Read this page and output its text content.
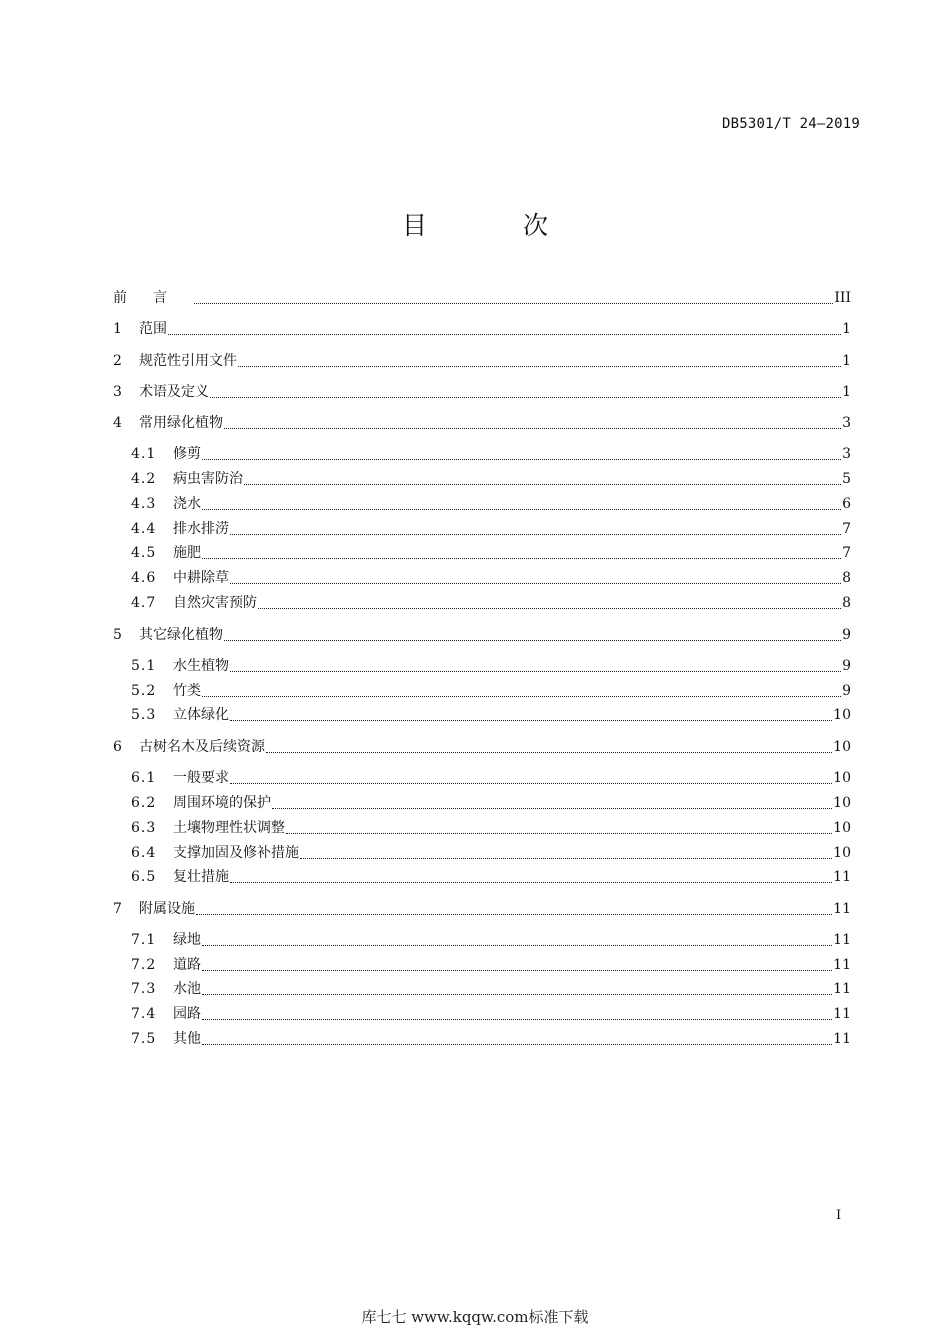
DB5301/T 24—2019
目 次
前言	III
1	范围	1
2	规范性引用文件	1
3	术语及定义	1
4	常用绿化植物	3
4.1	修剪	3
4.2	病虫害防治	5
4.3	浇水	6
4.4	排水排涝	7
4.5	施肥	7
4.6	中耕除草	8
4.7	自然灾害预防	8
5	其它绿化植物	9
5.1	水生植物	9
5.2	竹类	9
5.3	立体绿化	10
6	古树名木及后续资源	10
6.1	一般要求	10
6.2	周围环境的保护	10
6.3	土壤物理性状调整	10
6.4	支撑加固及修补措施	10
6.5	复壮措施	11
7	附属设施	11
7.1	绿地	11
7.2	道路	11
7.3	水池	11
7.4	园路	11
7.5	其他	11
I
库七七 www.kqqw.com标准下载
